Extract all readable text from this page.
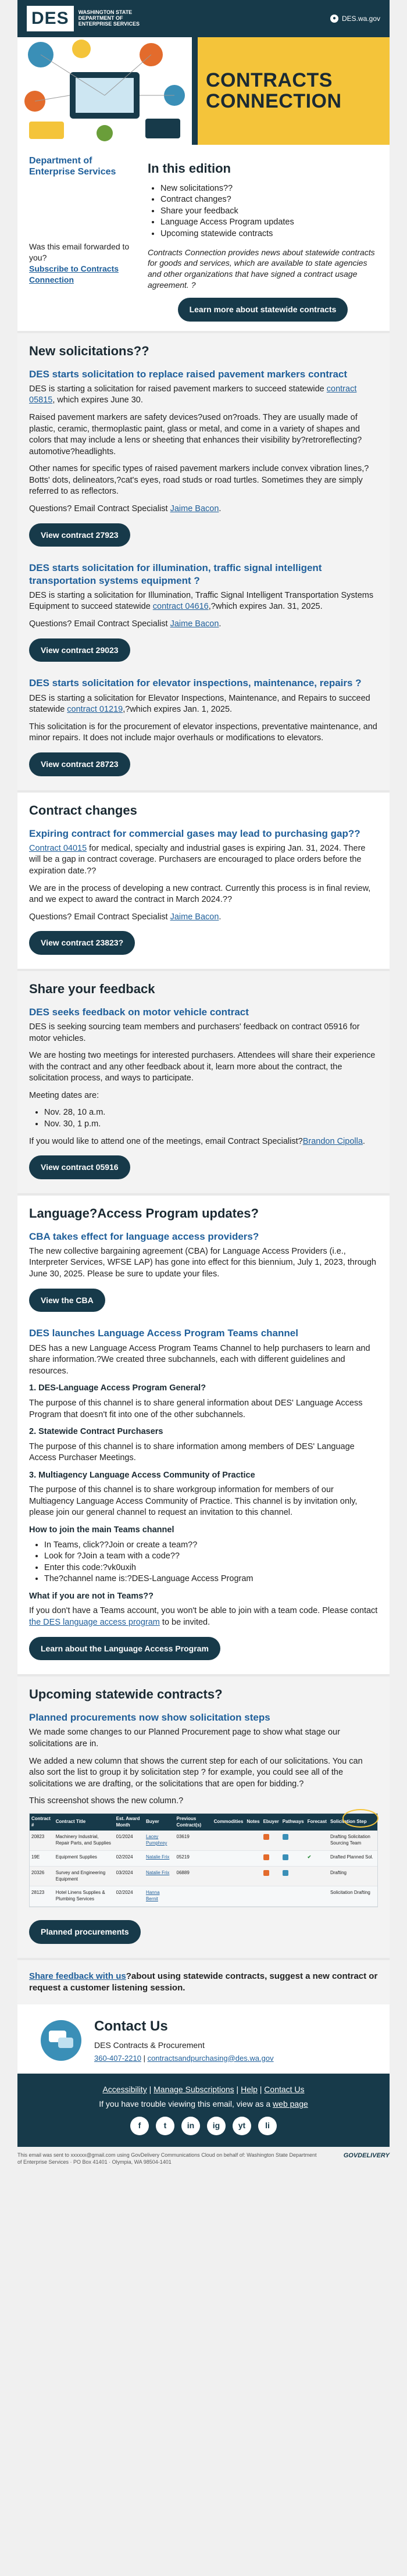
DES	WASHINGTON STATE DEPARTMENT OF ENTERPRISE SERVICES
● DES.wa.gov
CONTRACTS
CONNECTION
Department of Enterprise Services
Was this email forwarded to you?
Subscribe to Contracts Connection
In this edition
• New solicitations??
• Contract changes?
• Share your feedback
• Language Access Program updates
• Upcoming statewide contracts

Contracts Connection provides news about statewide contracts for goods and services, which are available to state agencies and other organizations that have signed a contract usage agreement. ?

Learn more about statewide contracts
New solicitations??
DES starts solicitation to replace raised pavement markers contract

DES is starting a solicitation for raised pavement markers to succeed statewide contract 05815, which expires June 30.

Raised pavement markers are safety devices?used on?roads. They are usually made of plastic, ceramic, thermoplastic paint, glass or metal, and come in a variety of shapes and colors that may include a lens or sheeting that enhances their visibility by?retroreflecting?automotive?headlights.

Other names for specific types of raised pavement markers include convex vibration lines,?Botts' dots, delineators,?cat's eyes, road studs or road turtles. Sometimes they are simply referred to as reflectors.

Questions? Email Contract Specialist Jaime Bacon.

View contract 27923
DES starts solicitation for illumination, traffic signal intelligent transportation systems equipment ?

DES is starting a solicitation for Illumination, Traffic Signal Intelligent Transportation Systems Equipment to succeed statewide contract 04616,?which expires Jan. 31, 2025.

Questions? Email Contract Specialist Jaime Bacon.

View contract 29023
DES starts solicitation for elevator inspections, maintenance, repairs ?

DES is starting a solicitation for Elevator Inspections, Maintenance, and Repairs to succeed statewide contract 01219,?which expires Jan. 1, 2025.

This solicitation is for the procurement of elevator inspections, preventative maintenance, and minor repairs. It does not include major overhauls or modifications to elevators.

View contract 28723
Contract changes
Expiring contract for commercial gases may lead to purchasing gap??

Contract 04015 for medical, specialty and industrial gases is expiring Jan. 31, 2024. There will be a gap in contract coverage. Purchasers are encouraged to place orders before the expiration date.??

We are in the process of developing a new contract. Currently this process is in final review, and we expect to award the contract in March 2024.??

Questions? Email Contract Specialist Jaime Bacon.

View contract 23823?
Share your feedback
DES seeks feedback on motor vehicle contract

DES is seeking sourcing team members and purchasers' feedback on contract 05916 for motor vehicles.

We are hosting two meetings for interested purchasers. Attendees will share their experience with the contract and any other feedback about it, learn more about the contract, the solicitation process, and ways to participate.

Meeting dates are:

• Nov. 28, 10 a.m.
• Nov. 30, 1 p.m.

If you would like to attend one of the meetings, email Contract Specialist?Brandon Cipolla.

View contract 05916
Language?Access Program updates?
CBA takes effect for language access providers?

The new collective bargaining agreement (CBA) for Language Access Providers (i.e., Interpreter Services, WFSE LAP) has gone into effect for this biennium, July 1, 2023, through June 30, 2025. Please be sure to update your files.

View the CBA
DES launches Language Access Program Teams channel

DES has a new Language Access Program Teams Channel to help purchasers to learn and share information.?We created three subchannels, each with different guidelines and resources.

1. DES-Language Access Program General?

The purpose of this channel is to share general information about DES' Language Access Program that doesn't fit into one of the other subchannels.

2. Statewide Contract Purchasers

The purpose of this channel is to share information among members of DES' Language Access Purchaser Meetings.

3. Multiagency Language Access Community of Practice

The purpose of this channel is to share workgroup information for members of our Multiagency Language Access Community of Practice. This channel is by invitation only, please join our general channel to request an invitation to this channel.

How to join the main Teams channel
• In Teams, click??Join or create a team??
• Look for ?Join a team with a code??
• Enter this code:?vk0uxih
• The?channel name is:?DES-Language Access Program
What if you are not in Teams??

If you don't have a Teams account, you won't be able to join with a team code. Please contact the DES language access program to be invited.

Learn about the Language Access Program
Upcoming statewide contracts?
Planned procurements now show solicitation steps

We made some changes to our Planned Procurement page to show what stage our solicitations are in.

We added a new column that shows the current step for each of our solicitations. You can also sort the list to group it by solicitation step ? for example, you could see all of the solicitations we are drafting, or the solicitations that are open for bidding.?

This screenshot shows the new column.?

Contract #	Contract Title	Est. Award Month	Buyer	Previous Contract(s)	Commodities	Notes	Ebuyer	Pathways	Forecast	Solicitation Step
20823	Machinery Industrial, Repair Parts, and Supplies	01/2024	Lacey Pumphrey	03619						Drafting Solicitation Sourcing Team
19E	Equipment Supplies	02/2024	Natalie Frix	05219					✔	Drafted Planned Sol.
20326	Survey and Engineering Equipment	03/2024	Natalie Frix	06889						Drafting
28123	Hotel Linens Supplies & Plumbing Services	02/2024	Hanna Bernit							Solicitation Drafting
Planned procurements
Share feedback with us?about using statewide contracts, suggest a new contract or request a customer listening session.
Contact Us
DES Contracts & Procurement
360-407-2210 | contractsandpurchasing@des.wa.gov
Accessibility | Manage Subscriptions | Help | Contact Us
If you have trouble viewing this email, view as a web page
f	t	in	ig	yt	li
This email was sent to xxxxxx@gmail.com using GovDelivery Communications Cloud on behalf of: Washington State Department of Enterprise Services · PO Box 41401 · Olympia, WA 98504-1401
GOVDELIVERY
